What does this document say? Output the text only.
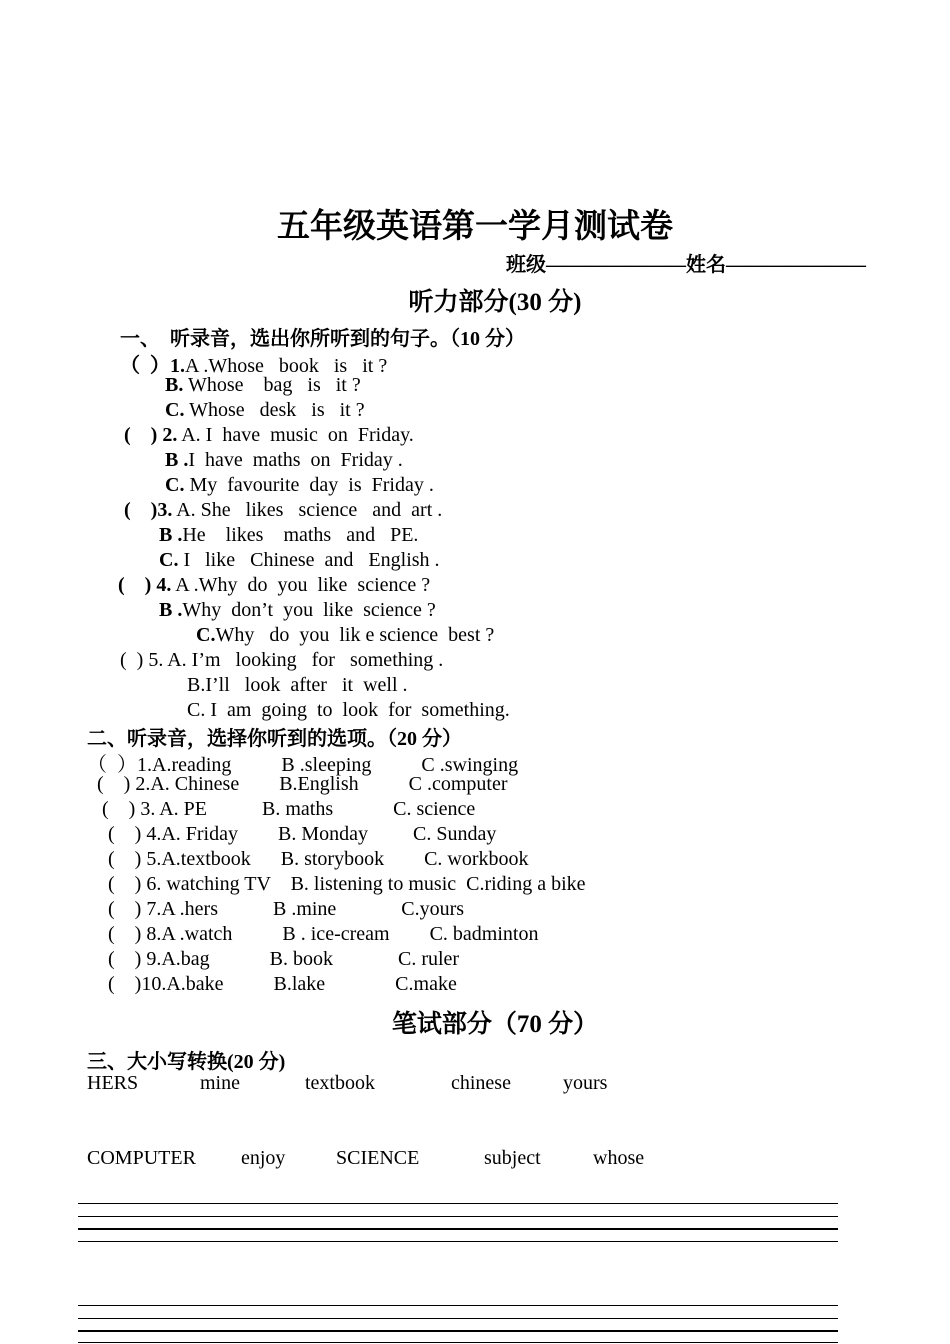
五年级英语第一学月测试卷
班级———————姓名———————
听力部分(30 分)
一、  听录音，选出你所听到的句子。（10 分）
（  ）1.A .Whose   book   is   it ?
B. Whose    bag   is   it ?
C. Whose   desk   is   it ?
(    ) 2. A. I  have  music  on  Friday.
B .I  have  maths  on  Friday .
C. My  favourite  day  is  Friday .
(    )3. A. She   likes   science   and  art .
B .He    likes    maths   and   PE.
C. I   like   Chinese  and   English .
(    ) 4. A .Why  do  you  like  science ?
B .Why  don’t  you  like  science ?
C.Why   do  you  lik e science  best ?
(  ) 5. A. I’m   looking   for   something .
B.I’ll   look  after   it  well .
C. I  am  going  to  look  for  something.
二、听录音，选择你听到的选项。（20 分）
（  ）1.A.reading          B .sleeping          C .swinging
(    ) 2.A. Chinese        B.English          C .computer
(    ) 3. A. PE           B. maths            C. science
(    ) 4.A. Friday        B. Monday         C. Sunday
(    ) 5.A.textbook      B. storybook        C. workbook
(    ) 6. watching TV    B. listening to music  C.riding a bike
(    ) 7.A .hers           B .mine             C.yours
(    ) 8.A .watch          B . ice-cream        C. badminton
(    ) 9.A.bag            B. book             C. ruler
(    )10.A.bake          B.lake              C.make
笔试部分（70 分）
三、大小写转换(20 分)
HERS	mine	textbook	chinese	yours
COMPUTER enjoy	SCIENCE	subject	whose
